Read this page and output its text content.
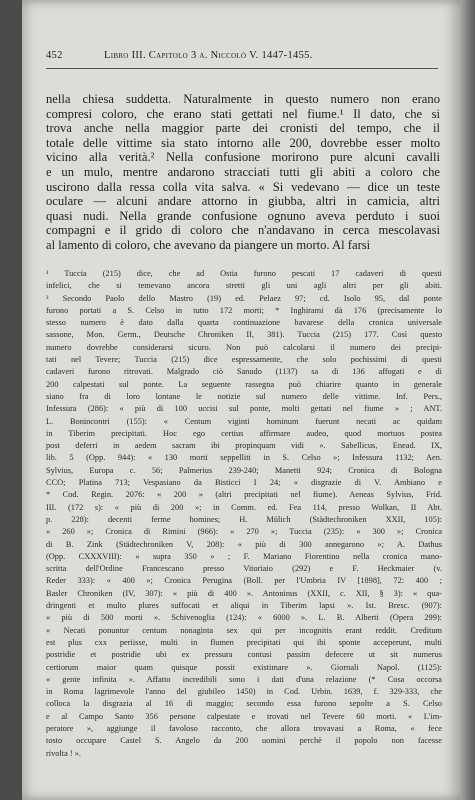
452	Libro III. Capitolo 3 a. Niccolò V. 1447-1455.
nella chiesa suddetta. Naturalmente in questo numero non erano
compresi coloro, che erano stati gettati nel fiume.¹ Il dato, che si
trova anche nella maggior parte dei cronisti del tempo, che il
totale delle vittime sia stato intorno alle 200, dovrebbe esser molto
vicino alla verità.² Nella confusione morirono pure alcuni cavalli
e un mulo, mentre andarono stracciati tutti gli abiti a coloro che
uscirono dalla ressa colla vita salva. « Si vedevano — dice un teste
oculare — alcuni andare attorno in giubba, altri in camicia, altri
quasi nudi. Nella grande confusione ognuno aveva perduto i suoi
compagni e il grido di coloro che n'andavano in cerca mescolavasi
al lamento di coloro, che avevano da piangere un morto. Al farsi
¹ Tuccia (215) dice, che ad Ostia furono pescati 17 cadaveri di questi
infelici, che si temevano ancora stretti gli uni agli altri per gli abiti.
² Secondo Paolo dello Mastro (19) ed. Pelaez 97; cd. Isolo 95, dal ponte
furono portati a S. Celso in tutto 172 morti; * Inghirami dà 176 (precisamente lo
stesso numero è dato dalla quarta continuazione bavarese della cronica universale
sassone, Mon. Germ., Deutsche Chroniken II, 381). Tuccia (215) 177. Così questo
numero dovrebbe considerarsi sicuro. Non può calcolarsi il numero dei precipi-
tati nel Tevere; Tuccia (215) dice espressamente, che solo pochissimi di questi
cadaveri furono ritrovati. Malgrado ciò Sanudo (1137) sa di 136 affogati e di
200 calpestati sul ponte. La seguente rassegna può chiarire quanto in generale
siano fra di loro lontane le notizie sul numero delle vittime. Inf. Pers.,
Infessura (286): « più di 100 uccisi sul ponte, molti gettati nel fiume » ; ANT.
L. Bonincontri (155): « Centum viginti hominum fuerunt necati ac quidam
in Tiberim precipitati. Hoc ego certius affirmare audeo, quod mortuos postea
post deferri in aedem sacram ibi propinquam vidi ». Sabellicus, Enead. IX,
lib. 5 (Opp. 944): « 130 morti seppelliti in S. Celso »; Infessura 1132; Aen.
Sylvius, Europa c. 56; Palmerius 239-240; Manetti 924; Cronica di Bologna
CCO; Platina 713; Vespasiano da Bisticci I 24; « disgrazie di V. Ambiano e
* Cod. Regin. 2076: « 200 » (altri precipitati nel fiume). Aeneas Sylvius, Frid.
III. (172 s): « più di 200 »; in Comm. ed. Fea 114, presso Wolkan, II Abt.
p. 228): decenti ferme homines; H. Mülich (Städtechroniken XXII, 105):
« 260 »; Cronica di Rimini (966): « 270 »; Tuccia (235): « 300 »; Cronica
di B. Zink (Städtechroniken V, 208): « più di 300 annegarono »; A. Dathus
(Opp. CXXXVIII): « supra 350 » ; F. Mariano Fiorentino nella cronica mano-
scritta dell'Ordine Francescano presso Vitoriaio (292) e F. Heckmaier (v.
Reder 333): « 400 »; Cronica Perugina (Boll. per l'Umbria IV [1898], 72: 400 ;
Basler Chroniken (IV, 307): « più di 400 ». Antoninus (XXII, c. XII, § 3): « qua-
dringenti et multo plures suffocati et aliqui in Tiberim lapsi ». Ist. Bresc. (907):
« più di 500 morti ». Schivenoglia (124): « 6000 ». L. B. Alberti (Opera 299):
« Necati ponuntur centum nonaginta sex qui per incognitis erant reddit. Creditum
est plus cxx periisse, multi in flumen precipitati qui ibi sponte acceperunt, multi
postridie et postridie ubi ex pressura contusi passim defecere ut sit numerus
certiorum maior quam quisque possit existimare ». Giornali Napol. (1125):
« gente infinita ». Affatto incredibili sono i dati d'una relazione (* Cosa occorsa
in Roma lagrimevole l'anno del giubileo 1450) in Cod. Urbin. 1639, f. 329-333, che
colloca la disgrazia al 16 di maggio; secondo essa furono sepolte a S. Celso
e al Campo Santo 356 persone calpestate e trovati nel Tevere 60 morti. « L'im-
peratore », aggiunge il favoloso racconto, che allora trovavasi a Roma, « fece
tosto occupare Castel S. Angelo da 200 uomini perchè il popolo non facesse
rivolta ! ».
